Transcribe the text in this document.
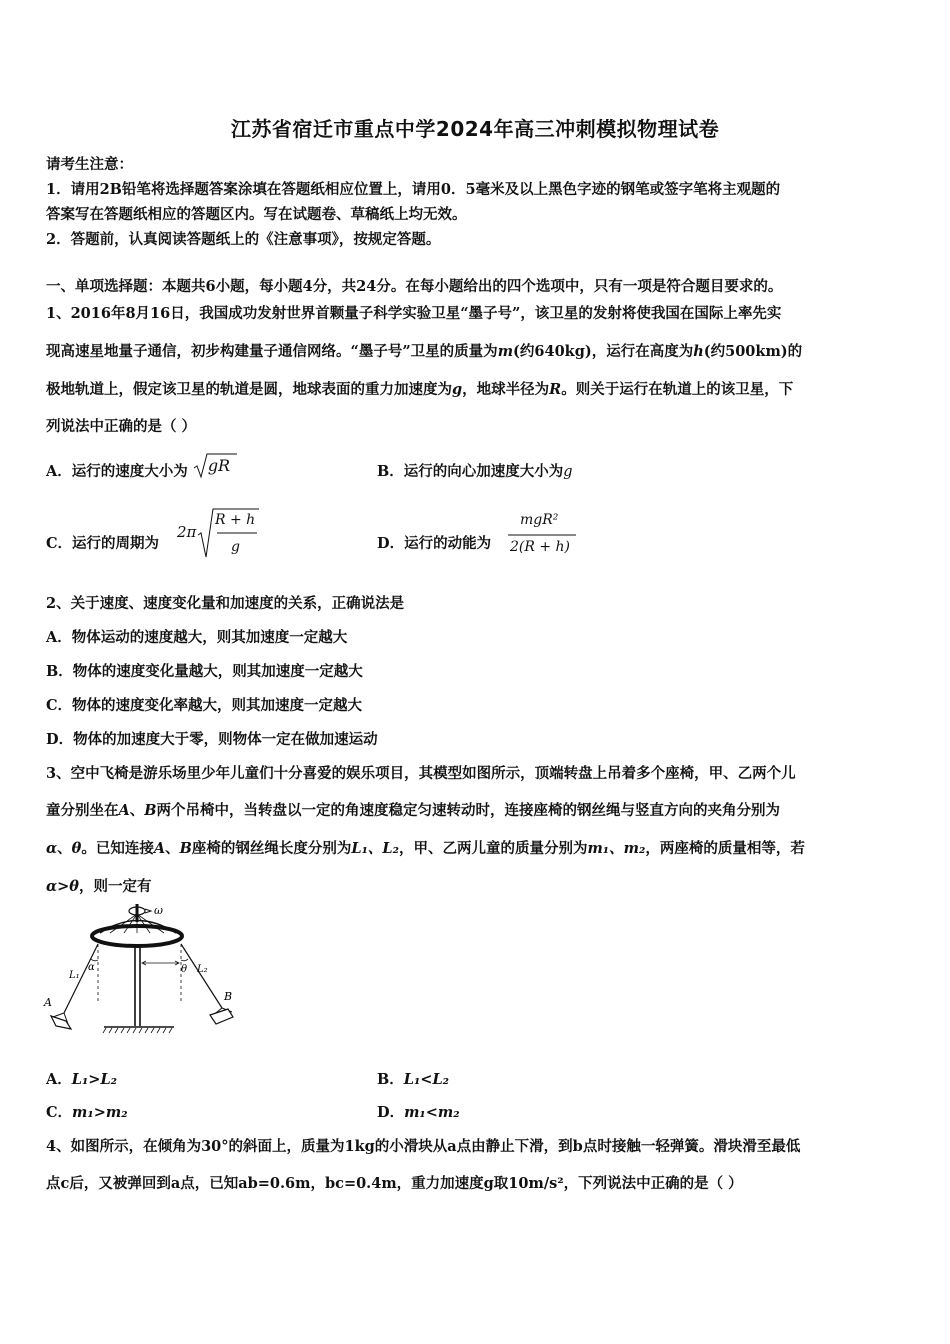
江苏省宿迁市重点中学2024年高三冲刺模拟物理试卷
请考生注意：
1．请用2B铅笔将选择题答案涂填在答题纸相应位置上，请用0．5毫米及以上黑色字迹的钢笔或签字笔将主观题的
答案写在答题纸相应的答题区内。写在试题卷、草稿纸上均无效。
2．答题前，认真阅读答题纸上的《注意事项》，按规定答题。
一、单项选择题：本题共6小题，每小题4分，共24分。在每小题给出的四个选项中，只有一项是符合题目要求的。
1、2016年8月16日，我国成功发射世界首颗量子科学实验卫星“墨子号”，该卫星的发射将使我国在国际上率先实
现高速星地量子通信，初步构建量子通信网络。“墨子号”卫星的质量为m(约640kg)，运行在高度为h(约500km)的
极地轨道上，假定该卫星的轨道是圆，地球表面的重力加速度为g，地球半径为R。则关于运行在轨道上的该卫星，下
列说法中正确的是（ ）
A．运行的速度大小为 gR	B．运行的向心加速度大小为g
C．运行的周期为
2π
R + h
g	D．运行的动能为
mgR²
2(R + h)
2、关于速度、速度变化量和加速度的关系，正确说法是
A．物体运动的速度越大，则其加速度一定越大
B．物体的速度变化量越大，则其加速度一定越大
C．物体的速度变化率越大，则其加速度一定越大
D．物体的加速度大于零，则物体一定在做加速运动
3、空中飞椅是游乐场里少年儿童们十分喜爱的娱乐项目，其模型如图所示，顶端转盘上吊着多个座椅，甲、乙两个儿
童分别坐在A、B两个吊椅中，当转盘以一定的角速度稳定匀速转动时，连接座椅的钢丝绳与竖直方向的夹角分别为
α、θ。已知连接A、B座椅的钢丝绳长度分别为L₁、L₂，甲、乙两儿童的质量分别为m₁、m₂，两座椅的质量相等，若
α>θ，则一定有
ω
α	θ
L₁
L₂
A	B
A．L₁>L₂	B．L₁<L₂
C．m₁>m₂	D．m₁<m₂
4、如图所示，在倾角为30°的斜面上，质量为1kg的小滑块从a点由静止下滑，到b点时接触一轻弹簧。滑块滑至最低
点c后，又被弹回到a点，已知ab=0.6m，bc=0.4m，重力加速度g取10m/s²，下列说法中正确的是（ ）
